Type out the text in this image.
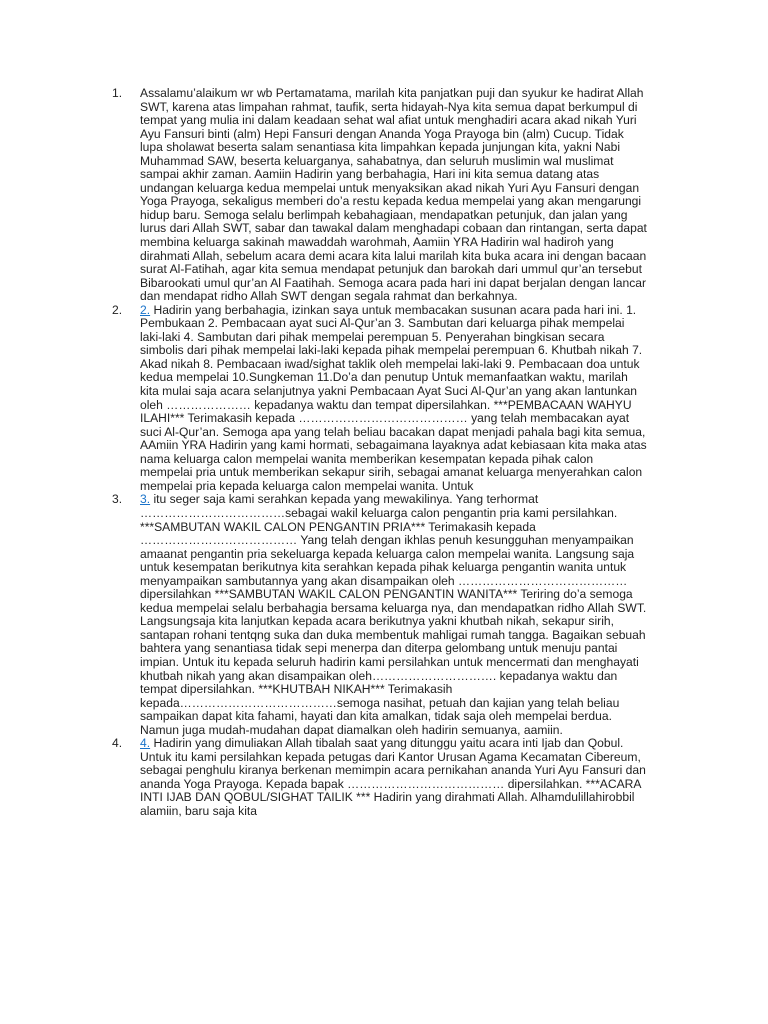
1.	Assalamu’alaikum wr wb Pertamatama, marilah kita panjatkan puji dan syukur ke hadirat Allah SWT, karena atas limpahan rahmat, taufik, serta hidayah-Nya kita semua dapat berkumpul di tempat yang mulia ini dalam keadaan sehat wal afiat untuk menghadiri acara akad nikah Yuri Ayu Fansuri binti (alm) Hepi Fansuri dengan Ananda Yoga Prayoga bin (alm) Cucup. Tidak lupa sholawat beserta salam senantiasa kita limpahkan kepada junjungan kita, yakni Nabi Muhammad SAW, beserta keluarganya, sahabatnya, dan seluruh muslimin wal muslimat sampai akhir zaman. Aamiin Hadirin yang berbahagia, Hari ini kita semua datang atas undangan keluarga kedua mempelai untuk menyaksikan akad nikah Yuri Ayu Fansuri dengan Yoga Prayoga, sekaligus memberi do’a restu kepada kedua mempelai yang akan mengarungi hidup baru. Semoga selalu berlimpah kebahagiaan, mendapatkan petunjuk, dan jalan yang lurus dari Allah SWT, sabar dan tawakal dalam menghadapi cobaan dan rintangan, serta dapat membina keluarga sakinah mawaddah warohmah, Aamiin YRA Hadirin wal hadiroh yang dirahmati Allah, sebelum acara demi acara kita lalui marilah kita buka acara ini dengan bacaan surat Al-Fatihah, agar kita semua mendapat petunjuk dan barokah dari ummul qur’an tersebut Bibarookati umul qur’an Al Faatihah. Semoga acara pada hari ini dapat berjalan dengan lancar dan mendapat ridho Allah SWT dengan segala rahmat dan berkahnya.
2.	2. Hadirin yang berbahagia, izinkan saya untuk membacakan susunan acara pada hari ini. 1. Pembukaan 2. Pembacaan ayat suci Al-Qur’an 3. Sambutan dari keluarga pihak mempelai laki-laki 4. Sambutan dari pihak mempelai perempuan 5. Penyerahan bingkisan secara simbolis dari pihak mempelai laki-laki kepada pihak mempelai perempuan 6. Khutbah nikah 7. Akad nikah 8. Pembacaan iwad/sighat taklik oleh mempelai laki-laki 9. Pembacaan doa untuk kedua mempelai 10.Sungkeman 11.Do’a dan penutup Untuk memanfaatkan waktu, marilah kita mulai saja acara selanjutnya yakni Pembacaan Ayat Suci Al-Qur’an yang akan lantunkan oleh ………………… kepadanya waktu dan tempat dipersilahkan. ***PEMBACAAN WAHYU ILAHI*** Terimakasih kepada …………………………………… yang telah membacakan ayat suci Al-Qur’an. Semoga apa yang telah beliau bacakan dapat menjadi pahala bagi kita semua, AAmiin YRA Hadirin yang kami hormati, sebagaimana layaknya adat kebiasaan kita maka atas nama keluarga calon mempelai wanita memberikan kesempatan kepada pihak calon mempelai pria untuk memberikan sekapur sirih, sebagai amanat keluarga menyerahkan calon mempelai pria kepada keluarga calon mempelai wanita. Untuk
3.	3. itu seger saja kami serahkan kepada yang mewakilinya. Yang terhormat ………………………………sebagai wakil keluarga calon pengantin pria kami persilahkan. ***SAMBUTAN WAKIL CALON PENGANTIN PRIA*** Terimakasih kepada ………………………………… Yang telah dengan ikhlas penuh kesungguhan menyampaikan amaanat pengantin pria sekeluarga kepada keluarga calon mempelai wanita. Langsung saja untuk kesempatan berikutnya kita serahkan kepada pihak keluarga pengantin wanita untuk menyampaikan sambutannya yang akan disampaikan oleh …………………………………… dipersilahkan ***SAMBUTAN WAKIL CALON PENGANTIN WANITA*** Teriring do’a semoga kedua mempelai selalu berbahagia bersama keluarga nya, dan mendapatkan ridho Allah SWT. Langsungsaja kita lanjutkan kepada acara berikutnya yakni khutbah nikah, sekapur sirih, santapan rohani tentqng suka dan duka membentuk mahligai rumah tangga. Bagaikan sebuah bahtera yang senantiasa tidak sepi menerpa dan diterpa gelombang untuk menuju pantai impian. Untuk itu kepada seluruh hadirin kami persilahkan untuk mencermati dan menghayati khutbah nikah yang akan disampaikan oleh…………………………. kepadanya waktu dan tempat dipersilahkan. ***KHUTBAH NIKAH*** Terimakasih kepada…………………………………semoga nasihat, petuah dan kajian yang telah beliau sampaikan dapat kita fahami, hayati dan kita amalkan, tidak saja oleh mempelai berdua. Namun juga mudah-mudahan dapat diamalkan oleh hadirin semuanya, aamiin.
4.	4. Hadirin yang dimuliakan Allah tibalah saat yang ditunggu yaitu acara inti Ijab dan Qobul. Untuk itu kami persilahkan kepada petugas dari Kantor Urusan Agama Kecamatan Cibereum, sebagai penghulu kiranya berkenan memimpin acara pernikahan ananda Yuri Ayu Fansuri dan ananda Yoga Prayoga. Kepada bapak ………………………………… dipersilahkan. ***ACARA INTI IJAB DAN QOBUL/SIGHAT TAILIK *** Hadirin yang dirahmati Allah. Alhamdulillahirobbil alamiin, baru saja kita
